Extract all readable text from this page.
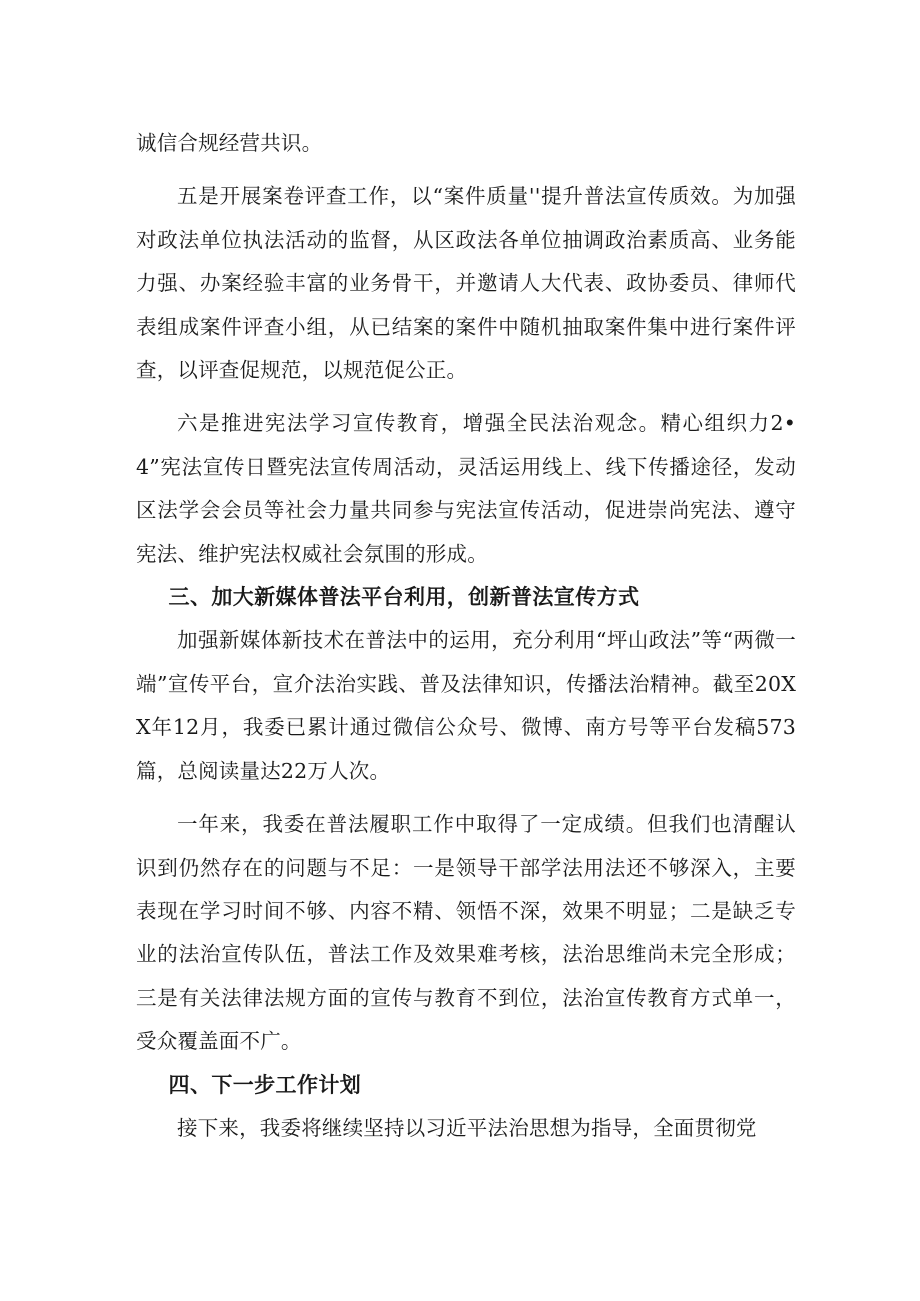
诚信合规经营共识。

五是开展案卷评查工作，以“案件质量''提升普法宣传质效。为加强对政法单位执法活动的监督，从区政法各单位抽调政治素质高、业务能力强、办案经验丰富的业务骨干，并邀请人大代表、政协委员、律师代表组成案件评查小组，从已结案的案件中随机抽取案件集中进行案件评查，以评查促规范，以规范促公正。

六是推进宪法学习宣传教育，增强全民法治观念。精心组织力2•4”宪法宣传日暨宪法宣传周活动，灵活运用线上、线下传播途径，发动区法学会会员等社会力量共同参与宪法宣传活动，促进崇尚宪法、遵守宪法、维护宪法权威社会氛围的形成。

三、加大新媒体普法平台利用，创新普法宣传方式

加强新媒体新技术在普法中的运用，充分利用“坪山政法”等“两微一端”宣传平台，宣介法治实践、普及法律知识，传播法治精神。截至20XX年12月，我委已累计通过微信公众号、微博、南方号等平台发稿573篇，总阅读量达22万人次。

一年来，我委在普法履职工作中取得了一定成绩。但我们也清醒认识到仍然存在的问题与不足：一是领导干部学法用法还不够深入，主要表现在学习时间不够、内容不精、领悟不深，效果不明显；二是缺乏专业的法治宣传队伍，普法工作及效果难考核，法治思维尚未完全形成；三是有关法律法规方面的宣传与教育不到位，法治宣传教育方式单一，受众覆盖面不广。

四、下一步工作计划

接下来，我委将继续坚持以习近平法治思想为指导，全面贯彻党
